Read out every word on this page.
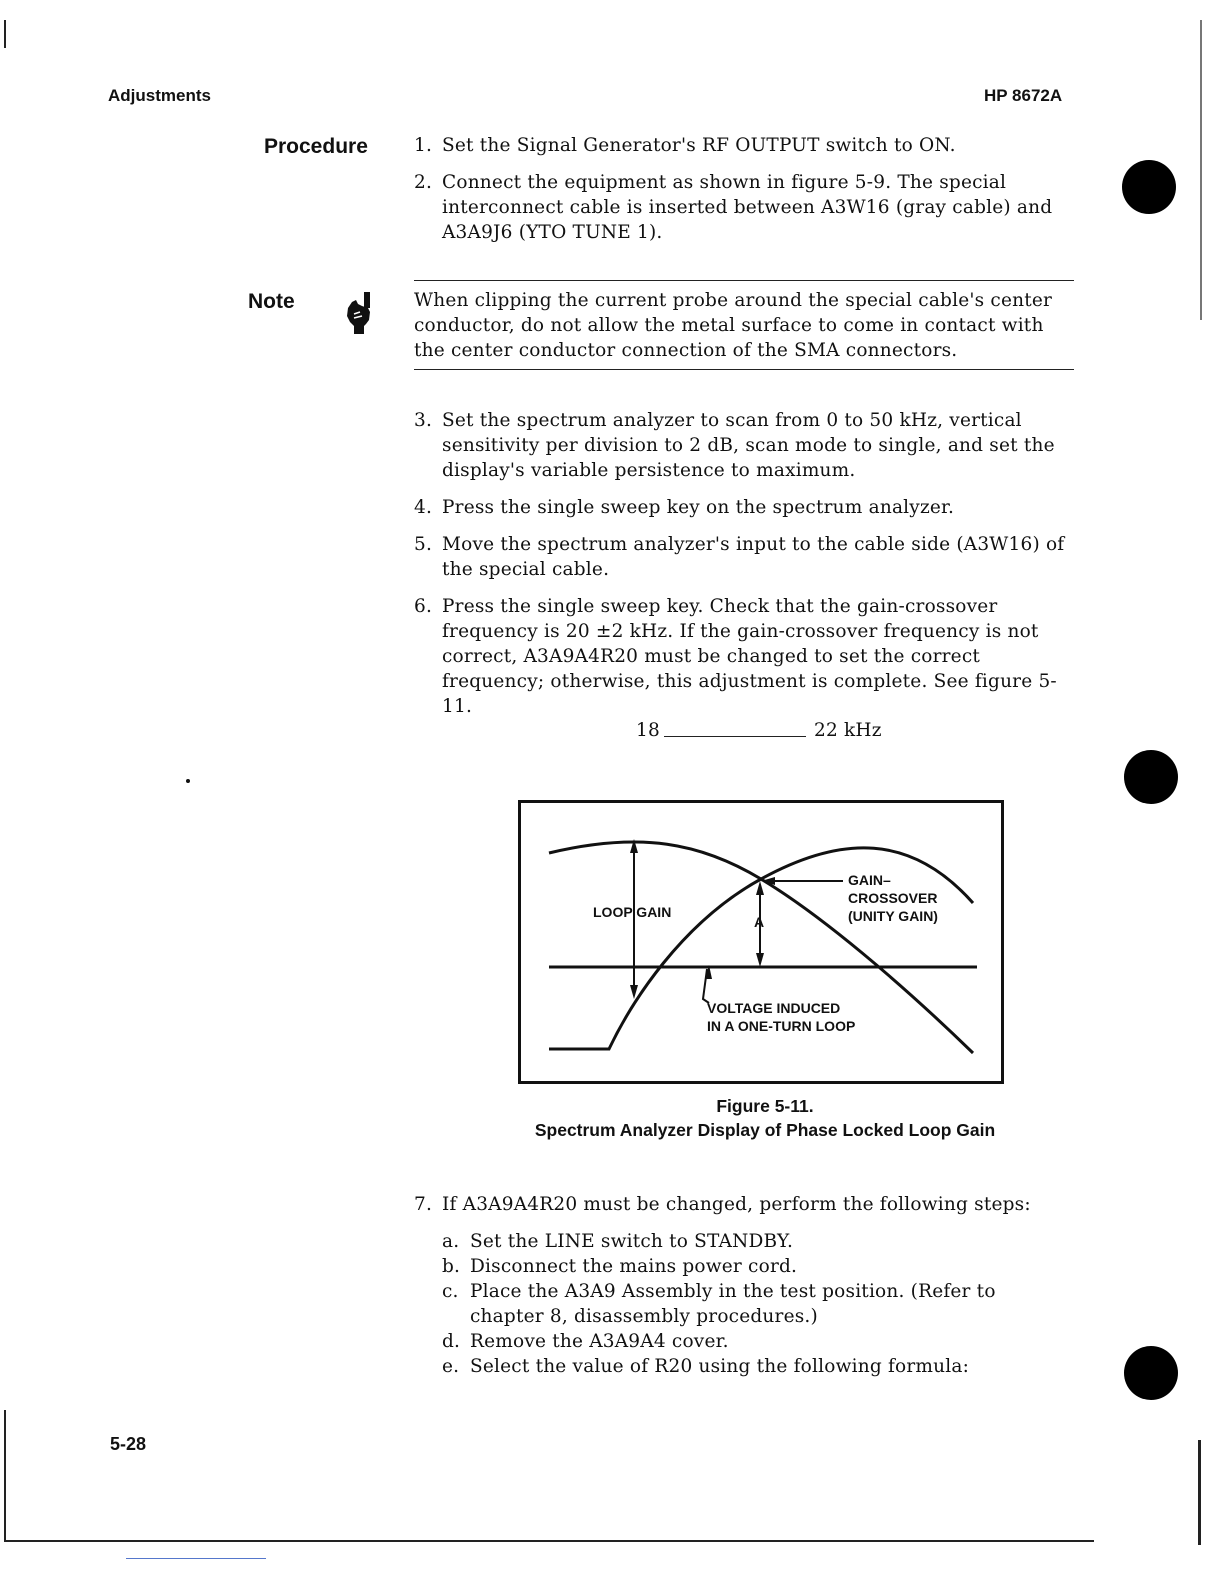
Adjustments	HP 8672A
Procedure 1. Set the Signal Generator's RF OUTPUT switch to ON.
2. Connect the equipment as shown in figure 5-9. The special interconnect cable is inserted between A3W16 (gray cable) and A3A9J6 (YTO TUNE 1).
Note	When clipping the current probe around the special cable's center conductor, do not allow the metal surface to come in contact with the center conductor connection of the SMA connectors.
3. Set the spectrum analyzer to scan from 0 to 50 kHz, vertical sensitivity per division to 2 dB, scan mode to single, and set the display's variable persistence to maximum.
4. Press the single sweep key on the spectrum analyzer.
5. Move the spectrum analyzer's input to the cable side (A3W16) of the special cable.
6. Press the single sweep key. Check that the gain-crossover frequency is 20 ±2 kHz. If the gain-crossover frequency is not correct, A3A9A4R20 must be changed to set the correct frequency; otherwise, this adjustment is complete. See figure 5-11.
18	22 kHz
LOOP GAIN
A
GAIN–
CROSSOVER
(UNITY GAIN)
VOLTAGE INDUCED
IN A ONE-TURN LOOP
Figure 5-11.
Spectrum Analyzer Display of Phase Locked Loop Gain
7. If A3A9A4R20 must be changed, perform the following steps:
a. Set the LINE switch to STANDBY.
b. Disconnect the mains power cord.
c. Place the A3A9 Assembly in the test position. (Refer to chapter 8, disassembly procedures.)
d. Remove the A3A9A4 cover.
e. Select the value of R20 using the following formula:
5-28
